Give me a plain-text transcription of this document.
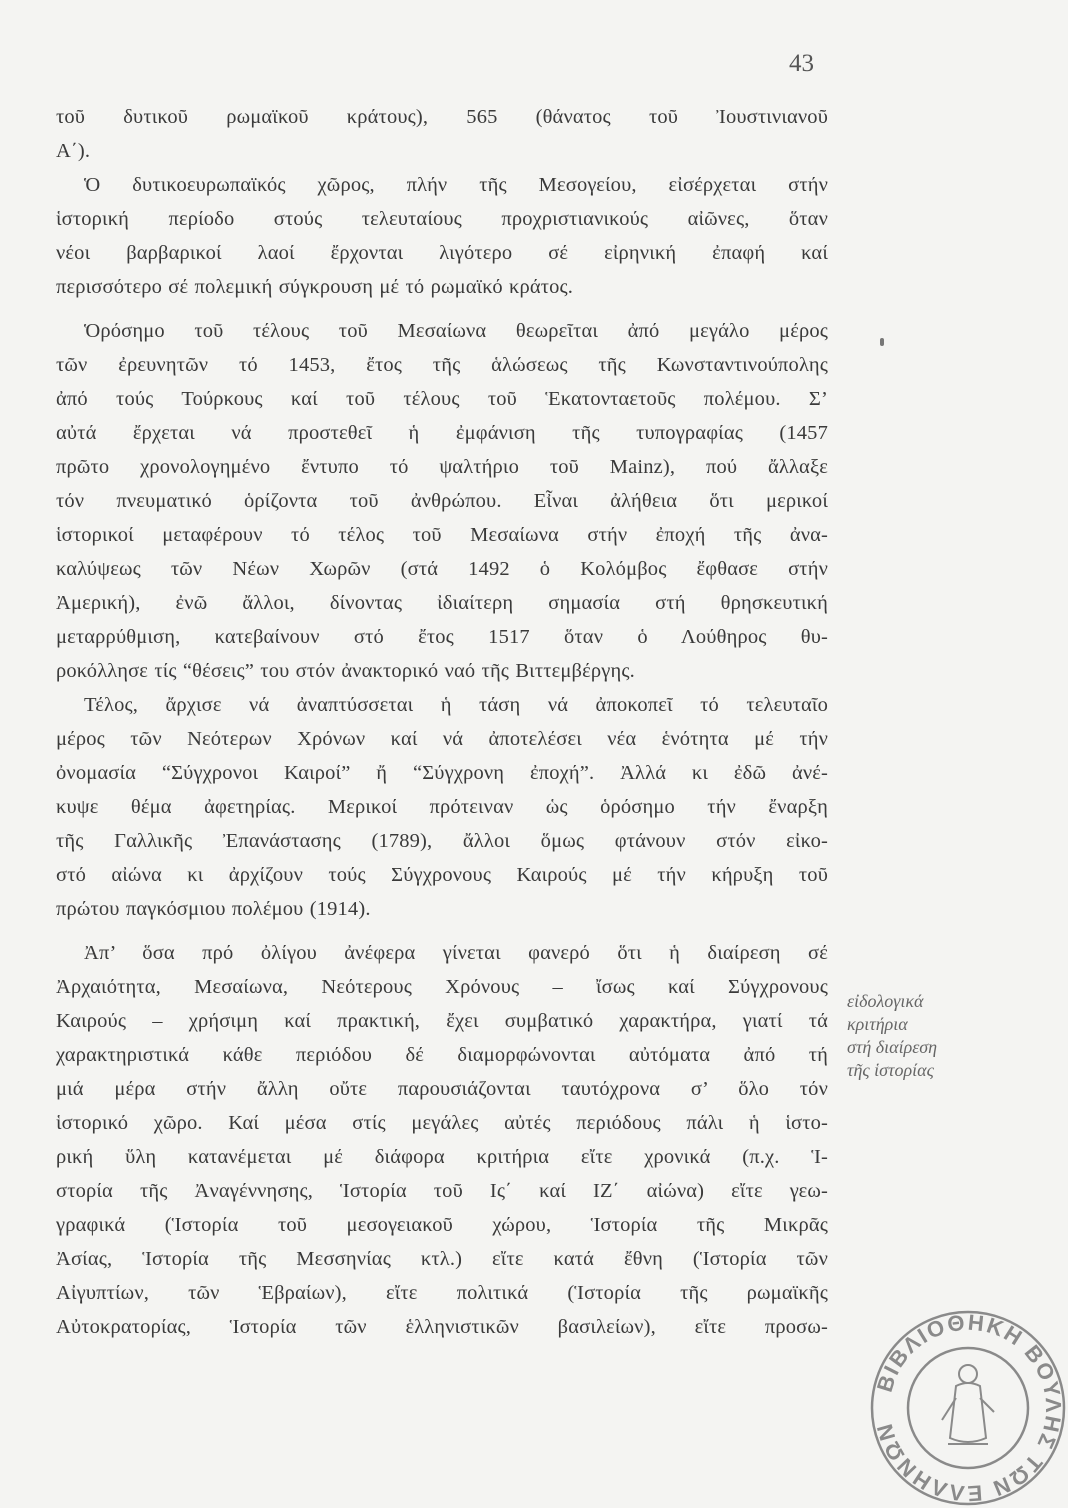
43
τοῦ δυτικοῦ ρωμαϊκοῦ κράτους), 565 (θάνατος τοῦ Ἰουστινιανοῦ
Α΄).
Ὁ δυτικοευρωπαϊκός χῶρος, πλήν τῆς Μεσογείου, εἰσέρχεται στήν
ἱστορική περίοδο στούς τελευταίους προχριστιανικούς αἰῶνες, ὅταν
νέοι βαρβαρικοί λαοί ἔρχονται λιγότερο σέ εἰρηνική ἐπαφή καί
περισσότερο σέ πολεμική σύγκρουση μέ τό ρωμαϊκό κράτος.
Ὁρόσημο τοῦ τέλους τοῦ Μεσαίωνα θεωρεῖται ἀπό μεγάλο μέρος
τῶν ἐρευνητῶν τό 1453, ἔτος τῆς ἁλώσεως τῆς Κωνσταντινούπολης
ἀπό τούς Τούρκους καί τοῦ τέλους τοῦ Ἑκατονταετοῦς πολέμου. Σ’
αὐτά ἔρχεται νά προστεθεῖ ἡ ἐμφάνιση τῆς τυπογραφίας (1457
πρῶτο χρονολογημένο ἔντυπο τό ψαλτήριο τοῦ Mainz), πού ἄλλαξε
τόν πνευματικό ὁρίζοντα τοῦ ἀνθρώπου. Εἶναι ἀλήθεια ὅτι μερικοί
ἱστορικοί μεταφέρουν τό τέλος τοῦ Μεσαίωνα στήν ἐποχή τῆς ἀνα-
καλύψεως τῶν Νέων Χωρῶν (στά 1492 ὁ Κολόμβος ἔφθασε στήν
Ἀμερική), ἐνῶ ἄλλοι, δίνοντας ἰδιαίτερη σημασία στή θρησκευτική
μεταρρύθμιση, κατεβαίνουν στό ἔτος 1517 ὅταν ὁ Λούθηρος θυ-
ροκόλλησε τίς “θέσεις” του στόν ἀνακτορικό ναό τῆς Βιττεμβέργης.
Τέλος, ἄρχισε νά ἀναπτύσσεται ἡ τάση νά ἀποκοπεῖ τό τελευταῖο
μέρος τῶν Νεότερων Χρόνων καί νά ἀποτελέσει νέα ἑνότητα μέ τήν
ὀνομασία “Σύγχρονοι Καιροί” ἤ “Σύγχρονη ἐποχή”. Ἀλλά κι ἐδῶ ἀνέ-
κυψε θέμα ἀφετηρίας. Μερικοί πρότειναν ὡς ὁρόσημο τήν ἔναρξη
τῆς Γαλλικῆς Ἐπανάστασης (1789), ἄλλοι ὅμως φτάνουν στόν εἰκο-
στό αἰώνα κι ἀρχίζουν τούς Σύγχρονους Καιρούς μέ τήν κήρυξη τοῦ
πρώτου παγκόσμιου πολέμου (1914).
Ἀπ’ ὅσα πρό ὀλίγου ἀνέφερα γίνεται φανερό ὅτι ἡ διαίρεση σέ
Ἀρχαιότητα, Μεσαίωνα, Νεότερους Χρόνους – ἴσως καί Σύγχρονους
Καιρούς – χρήσιμη καί πρακτική, ἔχει συμβατικό χαρακτήρα, γιατί τά
χαρακτηριστικά κάθε περιόδου δέ διαμορφώνονται αὐτόματα ἀπό τή
μιά μέρα στήν ἄλλη οὔτε παρουσιάζονται ταυτόχρονα σ’ ὅλο τόν
ἱστορικό χῶρο. Καί μέσα στίς μεγάλες αὐτές περιόδους πάλι ἡ ἱστο-
ρική ὕλη κατανέμεται μέ διάφορα κριτήρια εἴτε χρονικά (π.χ. Ἱ-
στορία τῆς Ἀναγέννησης, Ἱστορία τοῦ Ις΄ καί ΙΖ΄ αἰώνα) εἴτε γεω-
γραφικά (Ἱστορία τοῦ μεσογειακοῦ χώρου, Ἱστορία τῆς Μικρᾶς
Ἀσίας, Ἱστορία τῆς Μεσσηνίας κτλ.) εἴτε κατά ἔθνη (Ἱστορία τῶν
Αἰγυπτίων, τῶν Ἑβραίων), εἴτε πολιτικά (Ἱστορία τῆς ρωμαϊκῆς
Αὐτοκρατορίας, Ἱστορία τῶν ἑλληνιστικῶν βασιλείων), εἴτε προσω-
εἰδολογικά
κριτήρια
στή διαίρεση
τῆς ἱστορίας
ΒΙΒΛΙΟΘΗΚΗ ΒΟΥΛΗΣ ΤΩΝ ΕΛΛΗΝΩΝ
